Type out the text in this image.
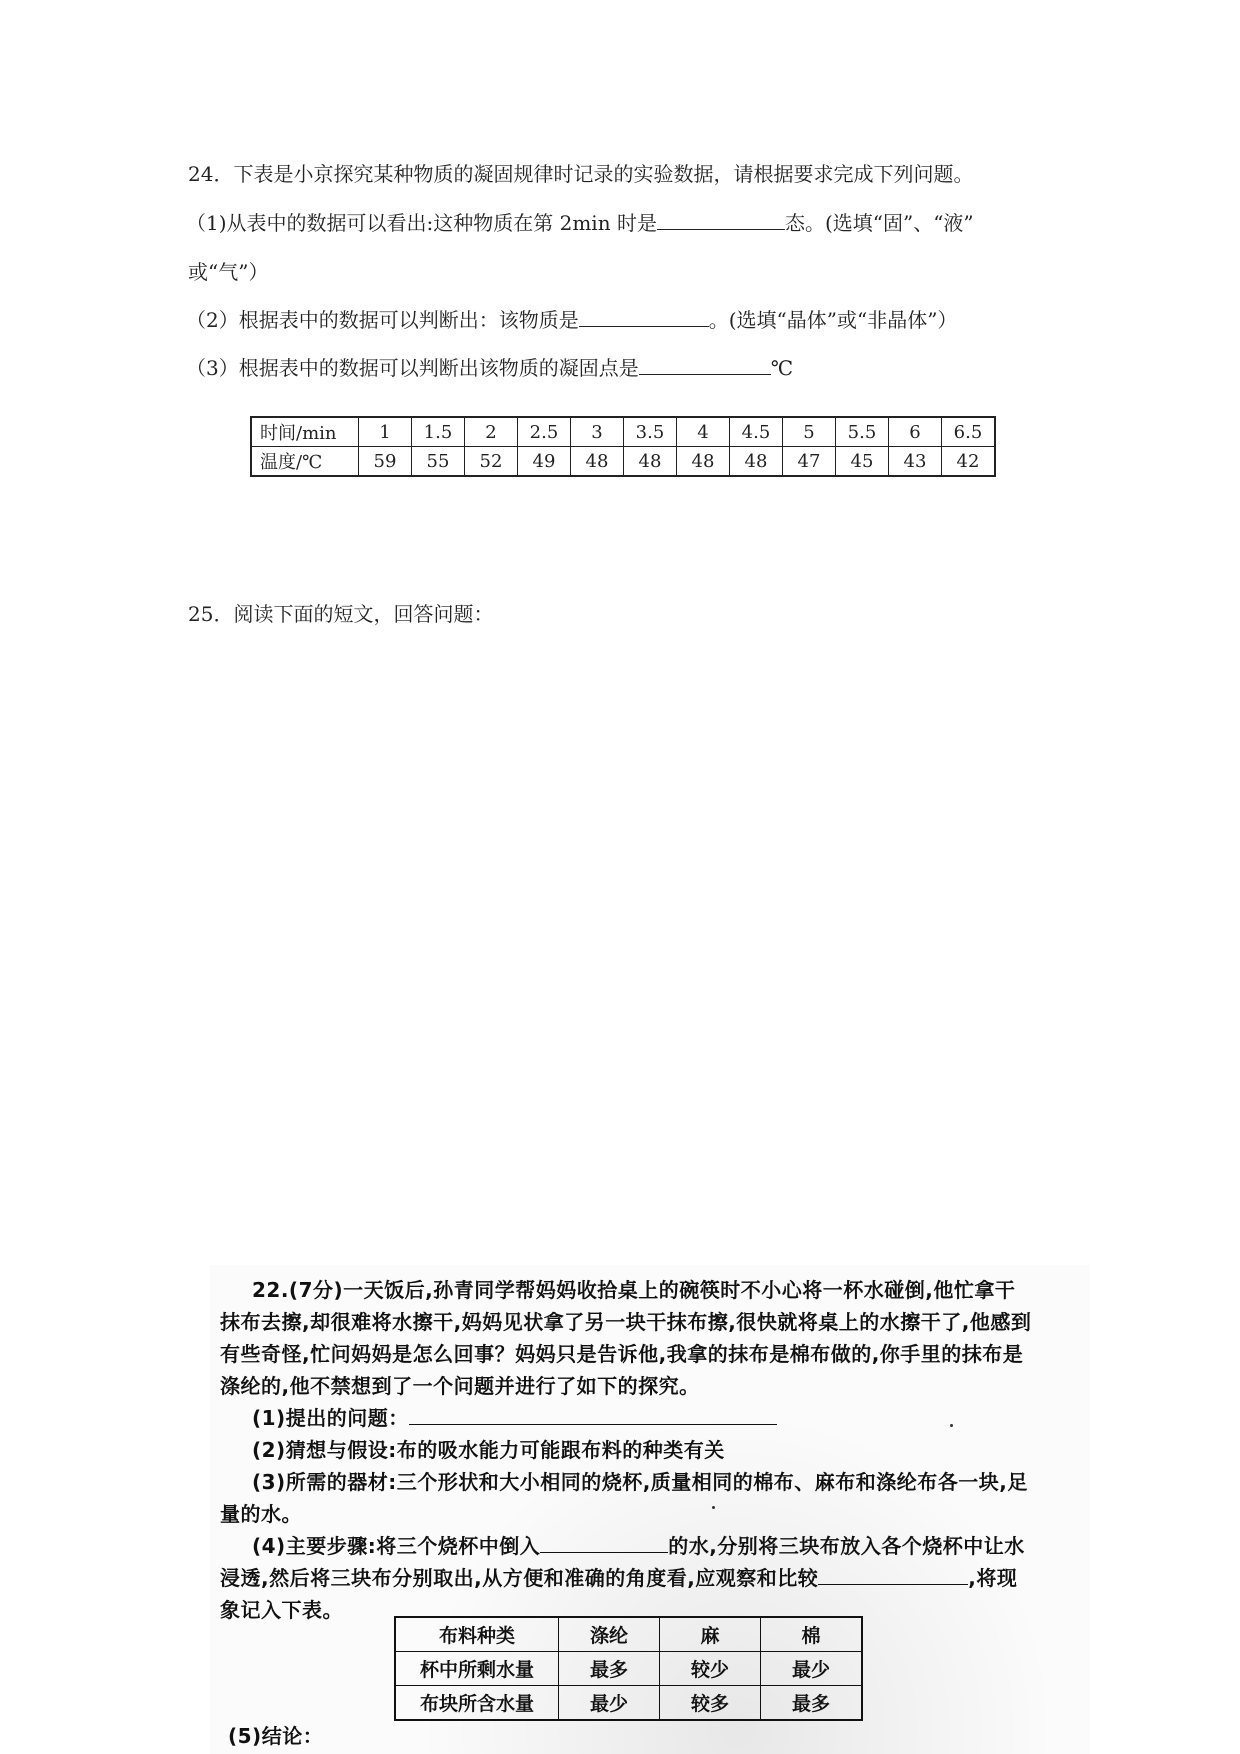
24．下表是小京探究某种物质的凝固规律时记录的实验数据，请根据要求完成下列问题。
（1)从表中的数据可以看出:这种物质在第 2min 时是	态。(选填“固”、“液”
或“气”）
（2）根据表中的数据可以判断出：该物质是	。(选填“晶体”或“非晶体”）
（3）根据表中的数据可以判断出该物质的凝固点是	℃
时间/min	1	1.5	2	2.5	3	3.5	4	4.5	5	5.5	6	6.5
温度/℃	59	55	52	49	48	48	48	48	47	45	43	42
25．阅读下面的短文，回答问题：
22.(7分)一天饭后,孙青同学帮妈妈收拾桌上的碗筷时不小心将一杯水碰倒,他忙拿干
抹布去擦,却很难将水擦干,妈妈见状拿了另一块干抹布擦,很快就将桌上的水擦干了,他感到
有些奇怪,忙问妈妈是怎么回事？妈妈只是告诉他,我拿的抹布是棉布做的,你手里的抹布是
涤纶的,他不禁想到了一个问题并进行了如下的探究。
(1)提出的问题：
(2)猜想与假设:布的吸水能力可能跟布料的种类有关
(3)所需的器材:三个形状和大小相同的烧杯,质量相同的棉布、麻布和涤纶布各一块,足
量的水。
(4)主要步骤:将三个烧杯中倒入	的水,分别将三块布放入各个烧杯中让水
浸透,然后将三块布分别取出,从方便和准确的角度看,应观察和比较	,将现
象记入下表。
布料种类	涤纶	麻	棉
杯中所剩水量	最多	较少	最少
布块所含水量	最少	较多	最多
(5)结论：
